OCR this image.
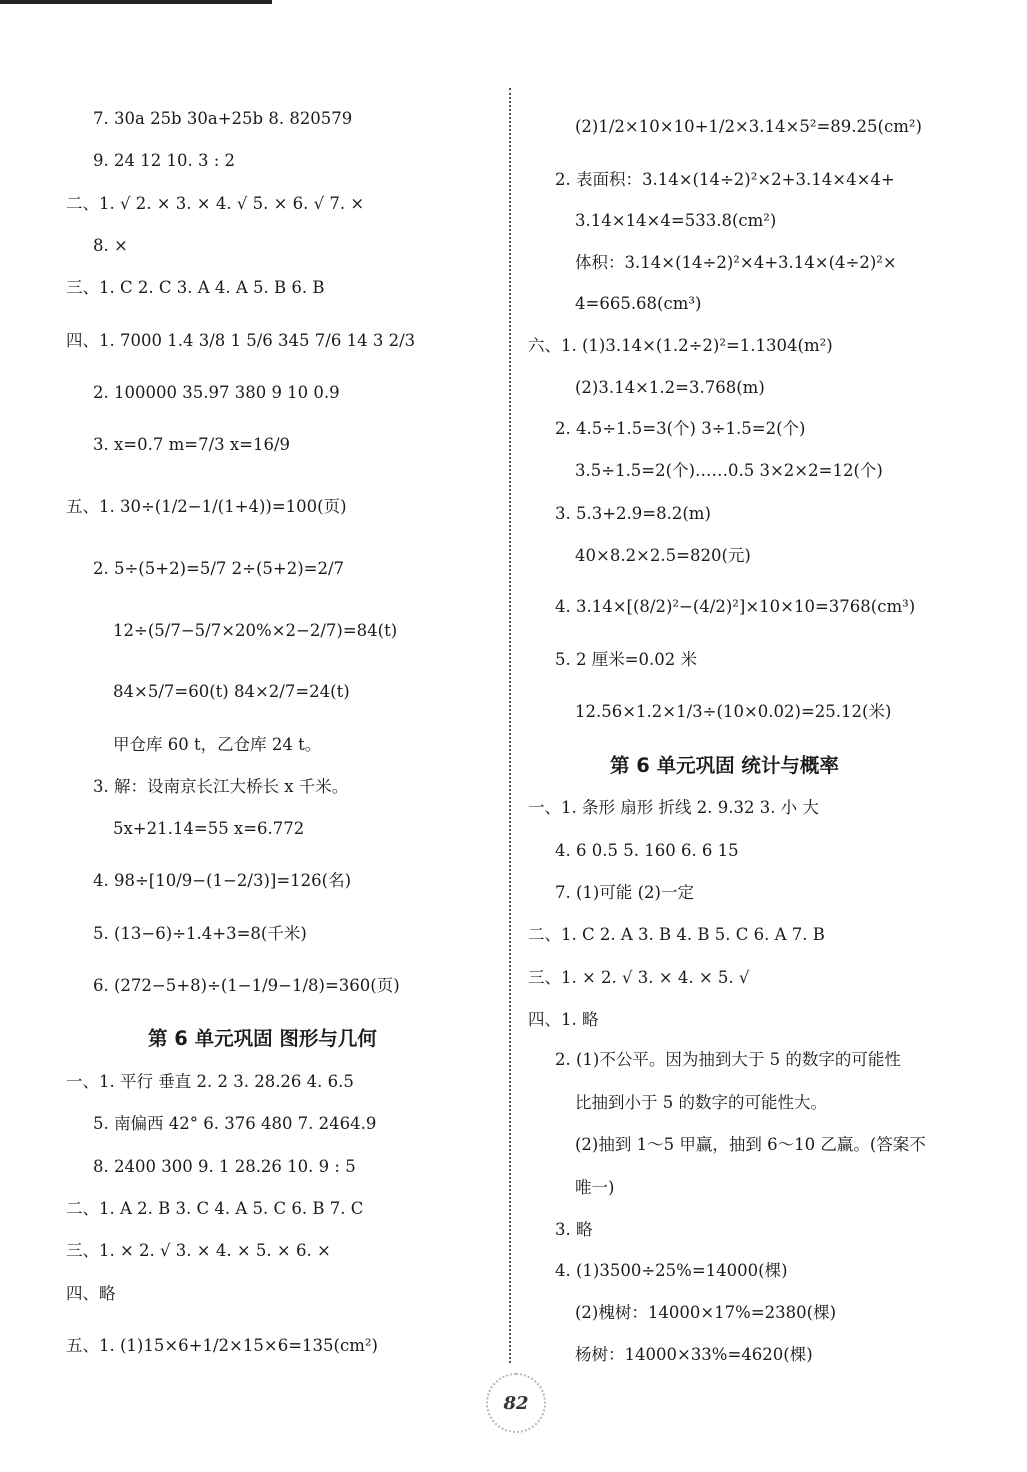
7. 30a 25b 30a+25b 8. 820579
9. 24 12 10. 3 : 2
二、1. √ 2. × 3. × 4. √ 5. × 6. √ 7. ×
8. ×
三、1. C 2. C 3. A 4. A 5. B 6. B
四、1. 7000 1.4 3/8 1 5/6 345 7/6 14 3 2/3
2. 100000 35.97 380 9 10 0.9
3. x=0.7 m=7/3 x=16/9
五、1. 30÷(1/2−1/(1+4))=100(页)
2. 5÷(5+2)=5/7 2÷(5+2)=2/7
12÷(5/7−5/7×20%×2−2/7)=84(t)
84×5/7=60(t) 84×2/7=24(t)
甲仓库 60 t，乙仓库 24 t。
3. 解：设南京长江大桥长 x 千米。
5x+21.14=55 x=6.772
4. 98÷[10/9−(1−2/3)]=126(名)
5. (13−6)÷1.4+3=8(千米)
6. (272−5+8)÷(1−1/9−1/8)=360(页)
第 6 单元巩固 图形与几何
一、1. 平行 垂直 2. 2 3. 28.26 4. 6.5
5. 南偏西 42° 6. 376 480 7. 2464.9
8. 2400 300 9. 1 28.26 10. 9 : 5
二、1. A 2. B 3. C 4. A 5. C 6. B 7. C
三、1. × 2. √ 3. × 4. × 5. × 6. ×
四、略
五、1. (1)15×6+1/2×15×6=135(cm²)
(2)1/2×10×10+1/2×3.14×5²=89.25(cm²)
2. 表面积：3.14×(14÷2)²×2+3.14×4×4+
3.14×14×4=533.8(cm²)
体积：3.14×(14÷2)²×4+3.14×(4÷2)²×
4=665.68(cm³)
六、1. (1)3.14×(1.2÷2)²=1.1304(m²)
(2)3.14×1.2=3.768(m)
2. 4.5÷1.5=3(个) 3÷1.5=2(个)
3.5÷1.5=2(个)……0.5 3×2×2=12(个)
3. 5.3+2.9=8.2(m)
40×8.2×2.5=820(元)
4. 3.14×[(8/2)²−(4/2)²]×10×10=3768(cm³)
5. 2 厘米=0.02 米
12.56×1.2×1/3÷(10×0.02)=25.12(米)
第 6 单元巩固 统计与概率
一、1. 条形 扇形 折线 2. 9.32 3. 小 大
4. 6 0.5 5. 160 6. 6 15
7. (1)可能 (2)一定
二、1. C 2. A 3. B 4. B 5. C 6. A 7. B
三、1. × 2. √ 3. × 4. × 5. √
四、1. 略
2. (1)不公平。因为抽到大于 5 的数字的可能性
比抽到小于 5 的数字的可能性大。
(2)抽到 1～5 甲赢，抽到 6～10 乙赢。(答案不
唯一)
3. 略
4. (1)3500÷25%=14000(棵)
(2)槐树：14000×17%=2380(棵)
杨树：14000×33%=4620(棵)
82
